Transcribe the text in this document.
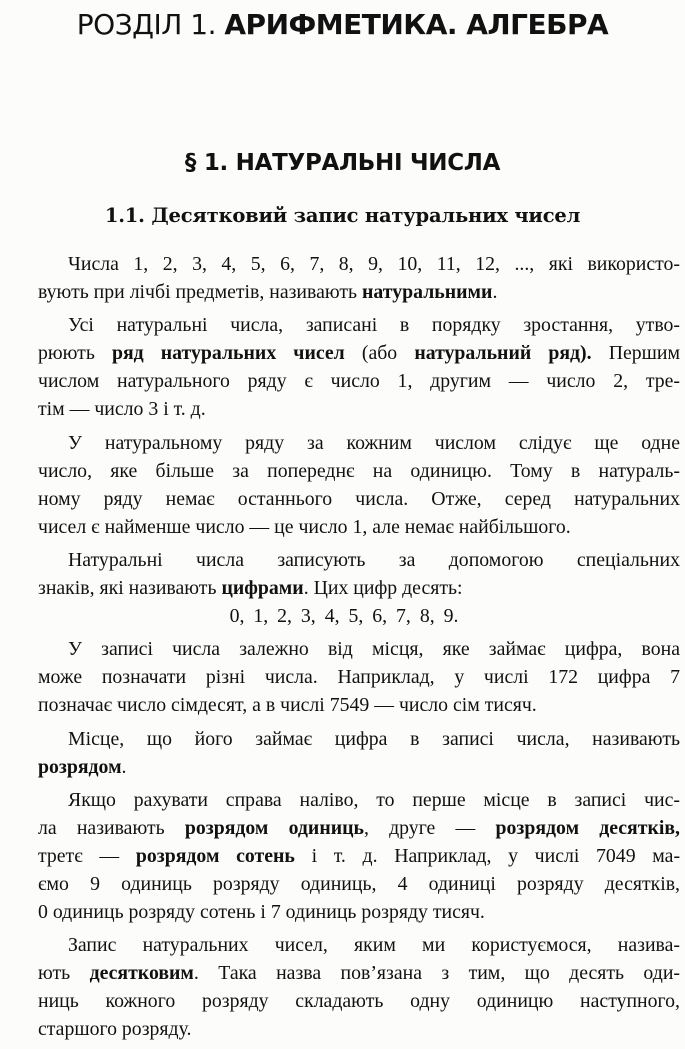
РОЗДІЛ 1. АРИФМЕТИКА. АЛГЕБРА
§ 1. НАТУРАЛЬНІ ЧИСЛА
1.1. Десятковий запис натуральних чисел
Числа 1, 2, 3, 4, 5, 6, 7, 8, 9, 10, 11, 12, ..., які використо-
вують при лічбі предметів, називають натуральними.
Усі натуральні числа, записані в порядку зростання, утво-
рюють ряд натуральних чисел (або натуральний ряд). Першим
числом натурального ряду є число 1, другим — число 2, тре-
тім — число 3 і т. д.
У натуральному ряду за кожним числом слідує ще одне
число, яке більше за попереднє на одиницю. Тому в натураль-
ному ряду немає останнього числа. Отже, серед натуральних
чисел є найменше число — це число 1, але немає найбільшого.
Натуральні числа записують за допомогою спеціальних
знаків, які називають цифрами. Цих цифр десять:
0, 1, 2, 3, 4, 5, 6, 7, 8, 9.
У записі числа залежно від місця, яке займає цифра, вона
може позначати різні числа. Наприклад, у числі 172 цифра 7
позначає число сімдесят, а в числі 7549 — число сім тисяч.
Місце, що його займає цифра в записі числа, називають
розрядом.
Якщо рахувати справа наліво, то перше місце в записі чис-
ла називають розрядом одиниць, друге — розрядом десятків,
третє — розрядом сотень і т. д. Наприклад, у числі 7049 ма-
ємо 9 одиниць розряду одиниць, 4 одиниці розряду десятків,
0 одиниць розряду сотень і 7 одиниць розряду тисяч.
Запис натуральних чисел, яким ми користуємося, назива-
ють десятковим. Така назва пов’язана з тим, що десять оди-
ниць кожного розряду складають одну одиницю наступного,
старшого розряду.
